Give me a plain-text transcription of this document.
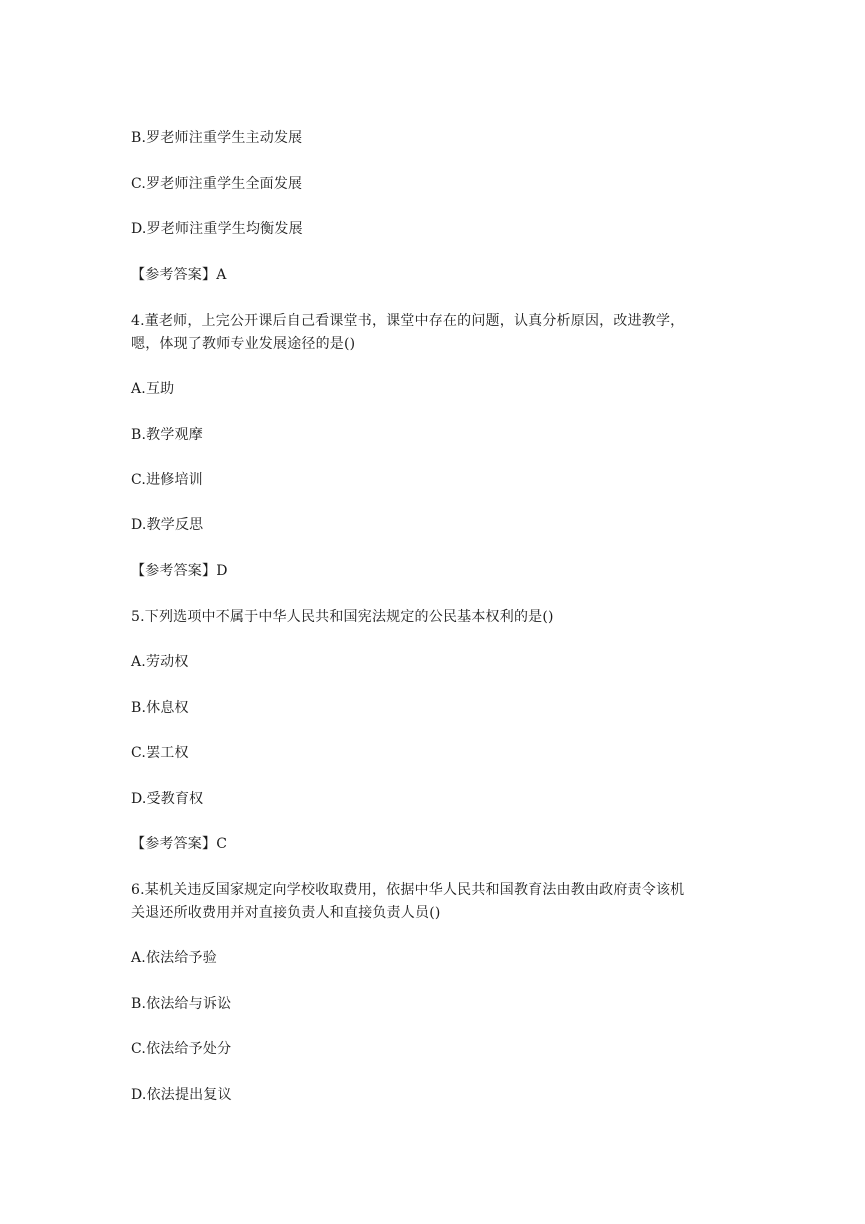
B.罗老师注重学生主动发展
C.罗老师注重学生全面发展
D.罗老师注重学生均衡发展
【参考答案】A
4.董老师，上完公开课后自己看课堂书，课堂中存在的问题，认真分析原因，改进教学，
嗯，体现了教师专业发展途径的是()
A.互助
B.教学观摩
C.进修培训
D.教学反思
【参考答案】D
5.下列选项中不属于中华人民共和国宪法规定的公民基本权利的是()
A.劳动权
B.休息权
C.罢工权
D.受教育权
【参考答案】C
6.某机关违反国家规定向学校收取费用，依据中华人民共和国教育法由教由政府责令该机
关退还所收费用并对直接负责人和直接负责人员()
A.依法给予验
B.依法给与诉讼
C.依法给予处分
D.依法提出复议
